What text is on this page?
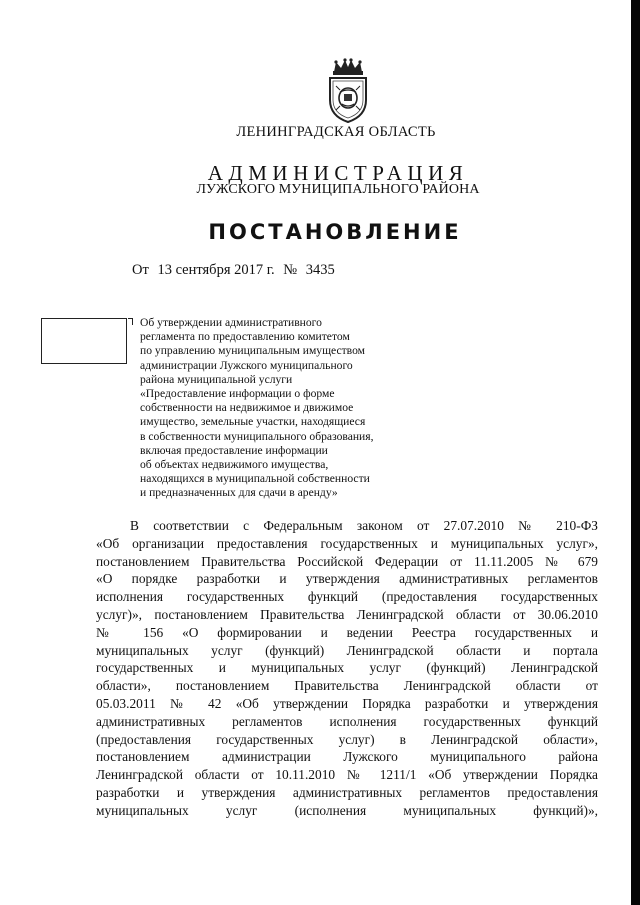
ЛЕНИНГРАДСКАЯ ОБЛАСТЬ
АДМИНИСТРАЦИЯ
ЛУЖСКОГО МУНИЦИПАЛЬНОГО РАЙОНА
ПОСТАНОВЛЕНИЕ
От 13 сентября 2017 г. № 3435
Об утверждении административного
регламента по предоставлению комитетом
по управлению муниципальным имуществом
администрации Лужского муниципального
района муниципальной услуги
«Предоставление информации о форме
собственности на недвижимое и движимое
имущество, земельные участки, находящиеся
в собственности муниципального образования,
включая предоставление информации
об объектах недвижимого имущества,
находящихся в муниципальной собственности
и предназначенных для сдачи в аренду»
В соответствии с Федеральным законом от 27.07.2010 № 210-ФЗ
«Об организации предоставления государственных и муниципальных услуг»,
постановлением Правительства Российской Федерации от 11.11.2005 № 679
«О порядке разработки и утверждения административных регламентов
исполнения государственных функций (предоставления государственных
услуг)», постановлением Правительства Ленинградской области от 30.06.2010
№ 156 «О формировании и ведении Реестра государственных и
муниципальных услуг (функций) Ленинградской области и портала
государственных и муниципальных услуг (функций) Ленинградской
области», постановлением Правительства Ленинградской области от
05.03.2011 № 42 «Об утверждении Порядка разработки и утверждения
административных регламентов исполнения государственных функций
(предоставления государственных услуг) в Ленинградской области»,
постановлением администрации Лужского муниципального района
Ленинградской области от 10.11.2010 № 1211/1 «Об утверждении Порядка
разработки и утверждения административных регламентов предоставления
муниципальных услуг (исполнения муниципальных функций)»,
